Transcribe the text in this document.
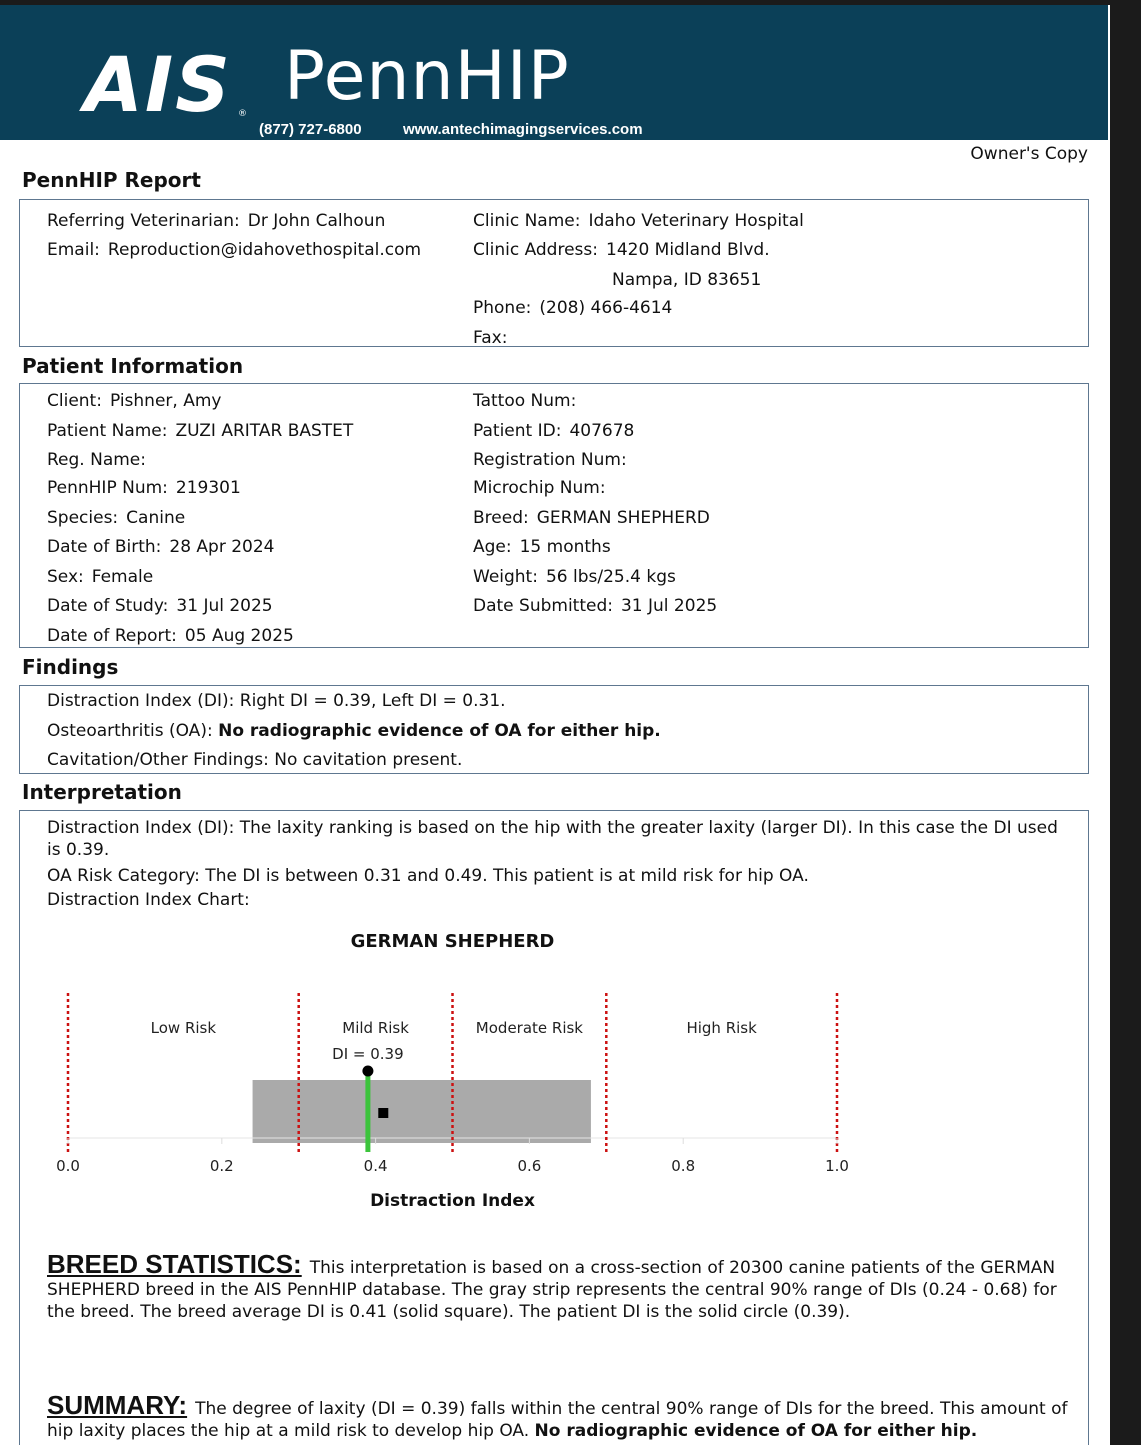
AIS ® PennHIP
(877) 727-6800	www.antechimagingservices.com
Owner's Copy
PennHIP Report
Referring Veterinarian: Dr John Calhoun
Email: Reproduction@idahovethospital.com
Clinic Name: Idaho Veterinary Hospital
Clinic Address: 1420 Midland Blvd.
Nampa, ID 83651
Phone: (208) 466-4614
Fax:
Patient Information
Client: Pishner, Amy
Patient Name: ZUZI ARITAR BASTET
Reg. Name:
PennHIP Num: 219301
Species: Canine
Date of Birth: 28 Apr 2024
Sex: Female
Date of Study: 31 Jul 2025
Date of Report: 05 Aug 2025
Tattoo Num:
Patient ID: 407678
Registration Num:
Microchip Num:
Breed: GERMAN SHEPHERD
Age: 15 months
Weight: 56 lbs/25.4 kgs
Date Submitted: 31 Jul 2025
Findings
Distraction Index (DI): Right DI = 0.39, Left DI = 0.31.
Osteoarthritis (OA): No radiographic evidence of OA for either hip.
Cavitation/Other Findings: No cavitation present.
Interpretation
Distraction Index (DI): The laxity ranking is based on the hip with the greater laxity (larger DI). In this case the DI used is 0.39.
OA Risk Category: The DI is between 0.31 and 0.49. This patient is at mild risk for hip OA.
Distraction Index Chart:
GERMAN SHEPHERD
Low Risk	Mild Risk	Moderate Risk	High Risk
0.0	0.2	0.4	0.6	0.8	1.0
Distraction Index
DI = 0.39
BREED STATISTICS: This interpretation is based on a cross-section of 20300 canine patients of the GERMAN SHEPHERD breed in the AIS PennHIP database. The gray strip represents the central 90% range of DIs (0.24 - 0.68) for the breed. The breed average DI is 0.41 (solid square). The patient DI is the solid circle (0.39).
SUMMARY: The degree of laxity (DI = 0.39) falls within the central 90% range of DIs for the breed. This amount of hip laxity places the hip at a mild risk to develop hip OA. No radiographic evidence of OA for either hip.
